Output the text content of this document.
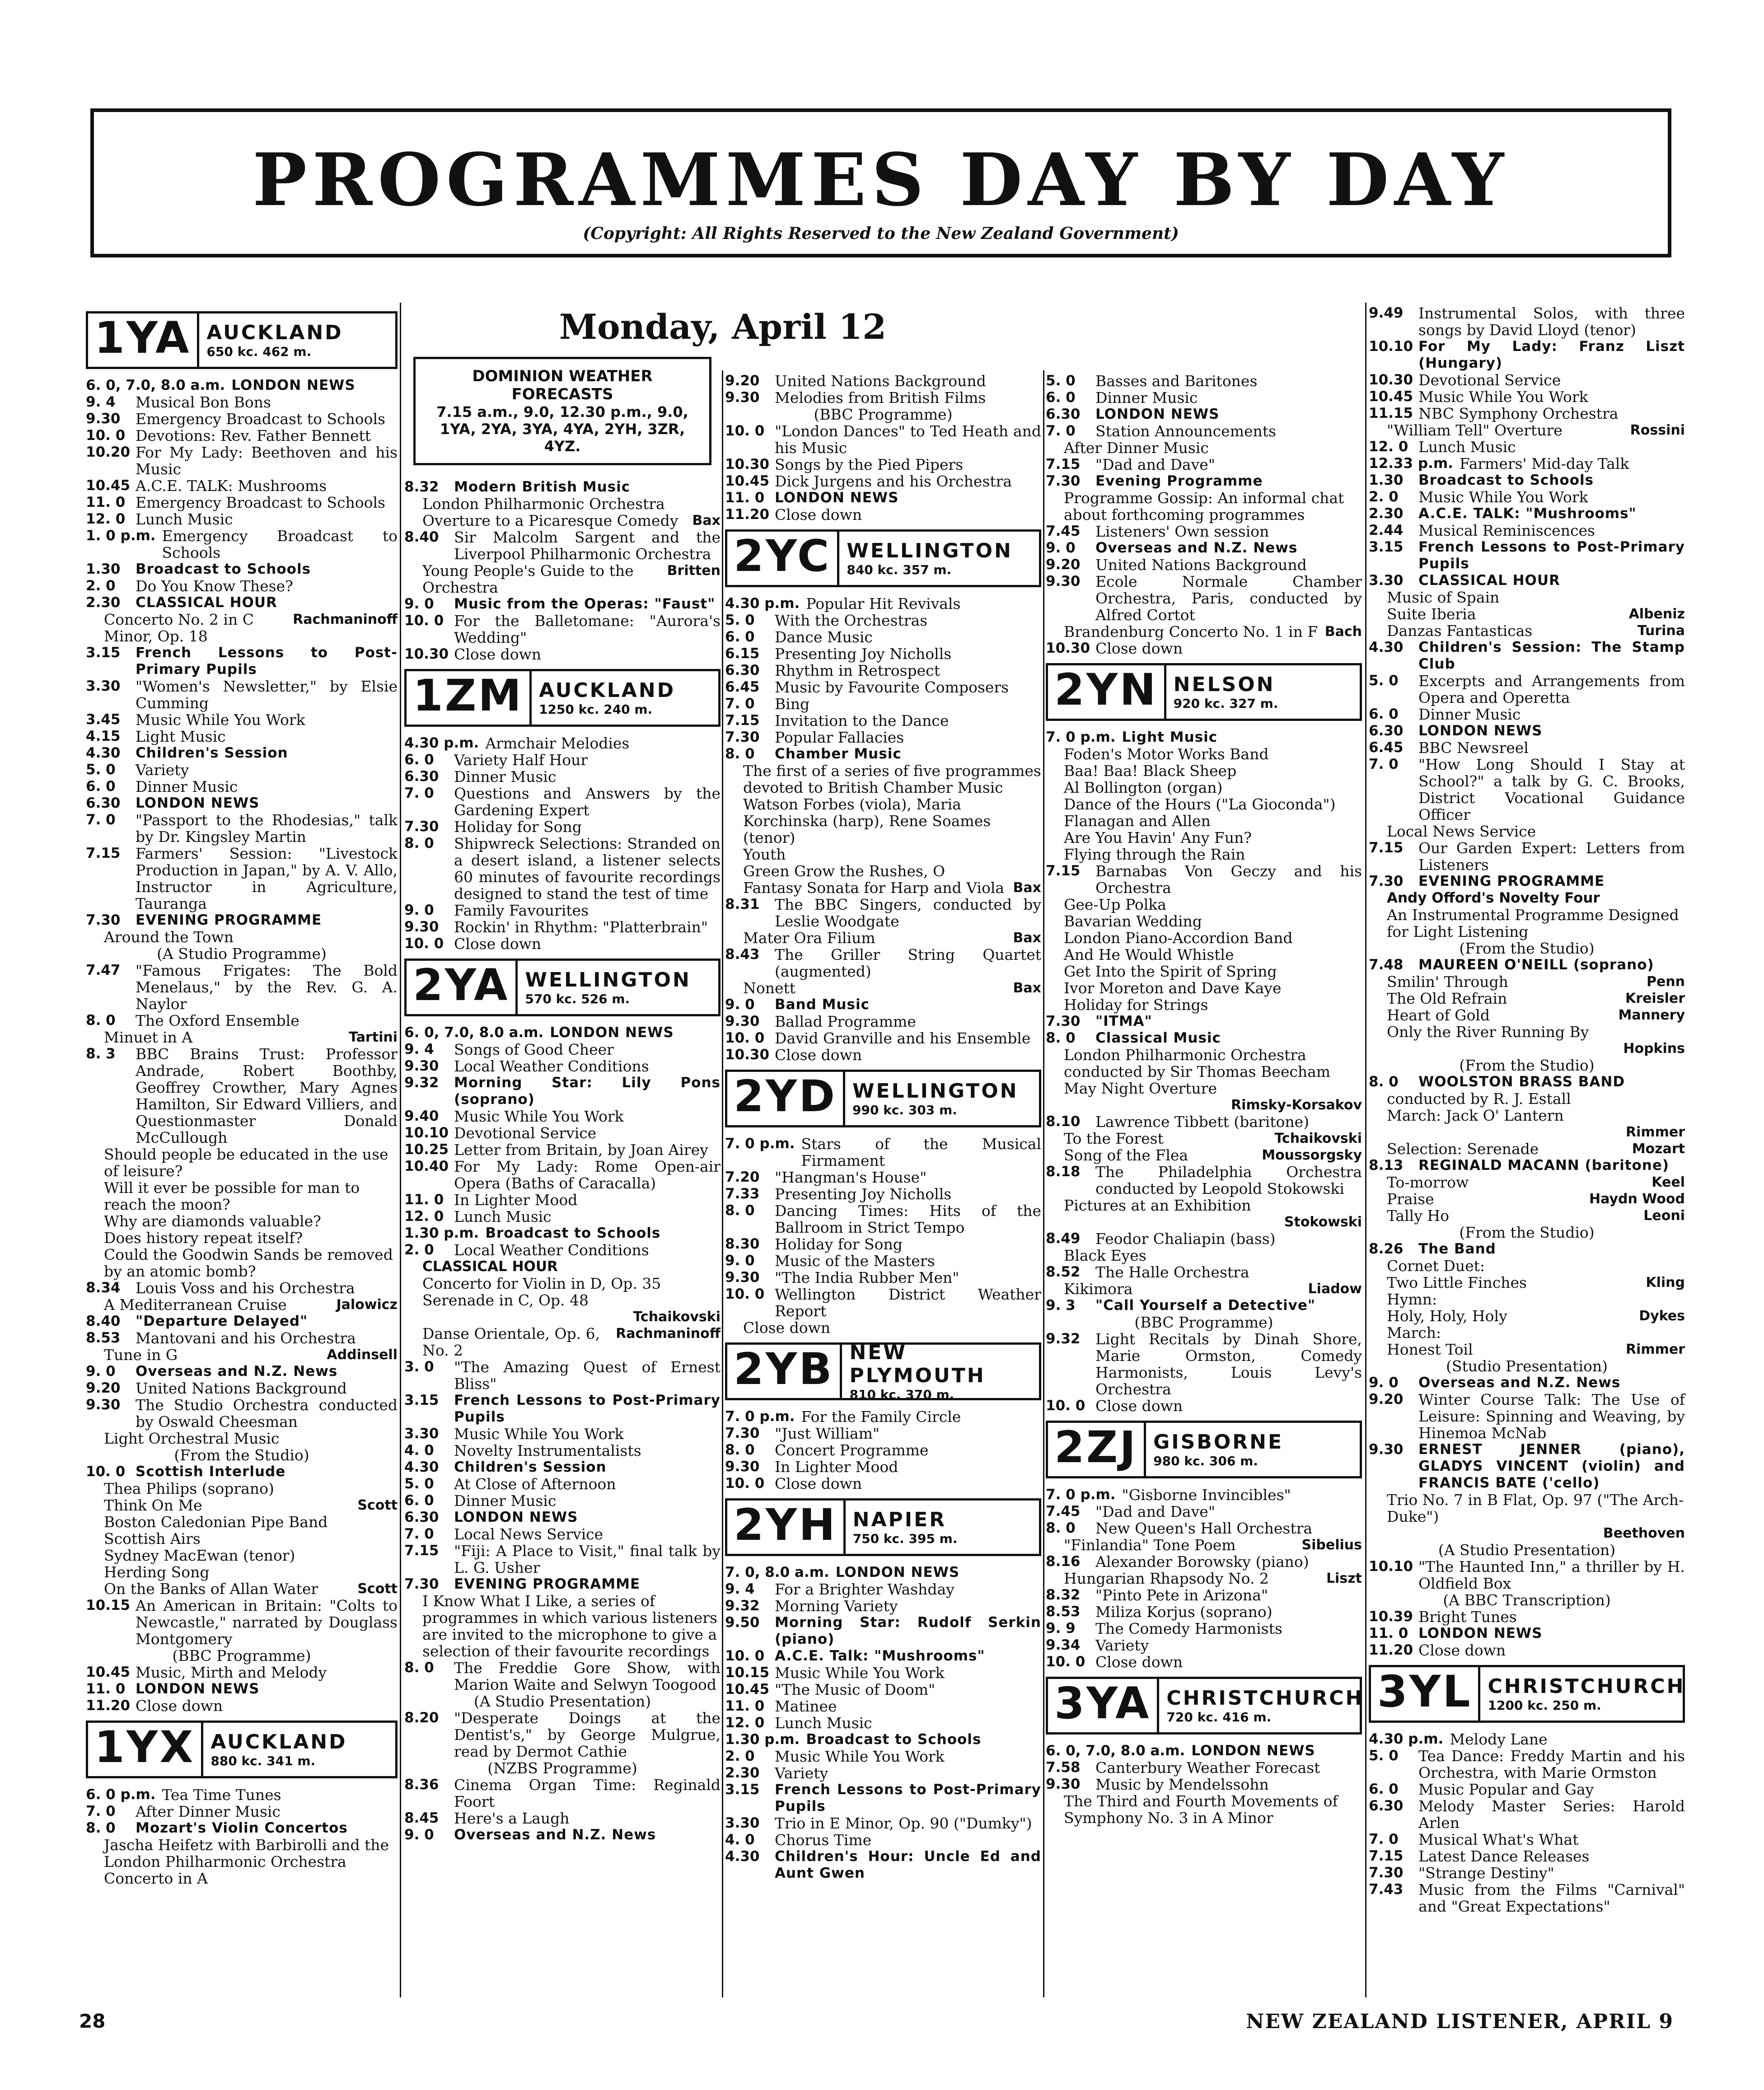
PROGRAMMES DAY BY DAY
(Copyright: All Rights Reserved to the New Zealand Government)
1YA AUCKLAND
650 kc. 462 m.
6. 0, 7.0, 8.0 a.m. LONDON NEWS
9. 4	Musical Bon Bons
9.30	Emergency Broadcast to Schools
10. 0 Devotions: Rev. Father Bennett
10.20 For My Lady: Beethoven and his Music
10.45 A.C.E. TALK: Mushrooms
11. 0 Emergency Broadcast to Schools
12. 0 Lunch Music
1. 0 p.m. Emergency Broadcast to Schools
1.30	Broadcast to Schools
2. 0	Do You Know These?
2.30	CLASSICAL HOUR
Concerto No. 2 in C Minor, Op. 18
Rachmaninoff
3.15	French Lessons to Post-Primary Pupils
3.30	"Women's Newsletter," by Elsie Cumming
3.45	Music While You Work
4.15	Light Music
4.30	Children's Session
5. 0	Variety
6. 0	Dinner Music
6.30	LONDON NEWS
7. 0	"Passport to the Rhodesias," talk by Dr. Kingsley Martin
7.15	Farmers' Session: "Livestock Production in Japan," by A. V. Allo, Instructor in Agriculture, Tauranga
7.30	EVENING PROGRAMME
Around the Town
(A Studio Programme)
7.47	"Famous Frigates: The Bold Menelaus," by the Rev. G. A. Naylor
8. 0	The Oxford Ensemble
Minuet in A	Tartini
8. 3	BBC Brains Trust: Professor Andrade, Robert Boothby, Geoffrey Crowther, Mary Agnes Hamilton, Sir Edward Villiers, and Questionmaster Donald McCullough
Should people be educated in the use of leisure?
Will it ever be possible for man to reach the moon?
Why are diamonds valuable?
Does history repeat itself?
Could the Goodwin Sands be removed by an atomic bomb?
8.34	Louis Voss and his Orchestra
A Mediterranean Cruise	Jalowicz
8.40	"Departure Delayed"
8.53	Mantovani and his Orchestra
Tune in G	Addinsell
9. 0	Overseas and N.Z. News
9.20	United Nations Background
9.30	The Studio Orchestra conducted by Oswald Cheesman
Light Orchestral Music
(From the Studio)
10. 0 Scottish Interlude
Thea Philips (soprano)
Think On Me	Scott
Boston Caledonian Pipe Band
Scottish Airs
Sydney MacEwan (tenor)
Herding Song
On the Banks of Allan Water	Scott
10.15 An American in Britain: "Colts to Newcastle," narrated by Douglass Montgomery
(BBC Programme)
10.45 Music, Mirth and Melody
11. 0 LONDON NEWS
11.20 Close down
1YX AUCKLAND
880 kc. 341 m.
6. 0 p.m. Tea Time Tunes
7. 0	After Dinner Music
8. 0	Mozart's Violin Concertos
Jascha Heifetz with Barbirolli and the London Philharmonic Orchestra
Concerto in A
Monday, April 12
DOMINION WEATHER FORECASTS
7.15 a.m., 9.0, 12.30 p.m., 9.0, 1YA, 2YA, 3YA, 4YA, 2YH, 3ZR, 4YZ.
8.32	Modern British Music
London Philharmonic Orchestra
Overture to a Picaresque Comedy Bax
8.40	Sir Malcolm Sargent and the Liverpool Philharmonic Orchestra
Young People's Guide to the Orchestra
Britten
9. 0	Music from the Operas: "Faust"
10. 0 For the Balletomane: "Aurora's Wedding"
10.30 Close down
1ZM AUCKLAND
1250 kc. 240 m.
4.30 p.m. Armchair Melodies
6. 0	Variety Half Hour
6.30	Dinner Music
7. 0	Questions and Answers by the Gardening Expert
7.30	Holiday for Song
8. 0	Shipwreck Selections: Stranded on a desert island, a listener selects 60 minutes of favourite recordings designed to stand the test of time
9. 0	Family Favourites
9.30	Rockin' in Rhythm: "Platterbrain"
10. 0 Close down
2YA WELLINGTON
570 kc. 526 m.
6. 0, 7.0, 8.0 a.m. LONDON NEWS
9. 4	Songs of Good Cheer
9.30	Local Weather Conditions
9.32	Morning Star: Lily Pons (soprano)
9.40	Music While You Work
10.10 Devotional Service
10.25 Letter from Britain, by Joan Airey
10.40 For My Lady: Rome Open-air Opera (Baths of Caracalla)
11. 0 In Lighter Mood
12. 0 Lunch Music
1.30 p.m. Broadcast to Schools
2. 0	Local Weather Conditions
CLASSICAL HOUR
Concerto for Violin in D, Op. 35
Serenade in C, Op. 48
Tchaikovski
Danse Orientale, Op. 6, No. 2
Rachmaninoff
3. 0	"The Amazing Quest of Ernest Bliss"
3.15	French Lessons to Post-Primary Pupils
3.30	Music While You Work
4. 0	Novelty Instrumentalists
4.30	Children's Session
5. 0	At Close of Afternoon
6. 0	Dinner Music
6.30	LONDON NEWS
7. 0	Local News Service
7.15	"Fiji: A Place to Visit," final talk by L. G. Usher
7.30	EVENING PROGRAMME
I Know What I Like, a series of programmes in which various listeners are invited to the microphone to give a selection of their favourite recordings
8. 0	The Freddie Gore Show, with Marion Waite and Selwyn Toogood
(A Studio Presentation)
8.20	"Desperate Doings at the Dentist's," by George Mulgrue, read by Dermot Cathie
(NZBS Programme)
8.36	Cinema Organ Time: Reginald Foort
8.45	Here's a Laugh
9. 0	Overseas and N.Z. News
9.20	United Nations Background
9.30	Melodies from British Films
(BBC Programme)
10. 0 "London Dances" to Ted Heath and his Music
10.30 Songs by the Pied Pipers
10.45 Dick Jurgens and his Orchestra
11. 0 LONDON NEWS
11.20 Close down
2YC WELLINGTON
840 kc. 357 m.
4.30 p.m. Popular Hit Revivals
5. 0	With the Orchestras
6. 0	Dance Music
6.15	Presenting Joy Nicholls
6.30	Rhythm in Retrospect
6.45	Music by Favourite Composers
7. 0	Bing
7.15	Invitation to the Dance
7.30	Popular Fallacies
8. 0	Chamber Music
The first of a series of five programmes devoted to British Chamber Music
Watson Forbes (viola), Maria Korchinska (harp), Rene Soames (tenor)
Youth
Green Grow the Rushes, O
Fantasy Sonata for Harp and Viola Bax
8.31	The BBC Singers, conducted by Leslie Woodgate
Mater Ora Filium	Bax
8.43	The Griller String Quartet (augmented)
Nonett	Bax
9. 0	Band Music
9.30	Ballad Programme
10. 0 David Granville and his Ensemble
10.30 Close down
2YD WELLINGTON
990 kc. 303 m.
7. 0 p.m. Stars of the Musical Firmament
7.20	"Hangman's House"
7.33	Presenting Joy Nicholls
8. 0	Dancing Times: Hits of the Ballroom in Strict Tempo
8.30	Holiday for Song
9. 0	Music of the Masters
9.30	"The India Rubber Men"
10. 0 Wellington District Weather Report
Close down
2YB NEW PLYMOUTH
810 kc. 370 m.
7. 0 p.m. For the Family Circle
7.30	"Just William"
8. 0	Concert Programme
9.30	In Lighter Mood
10. 0 Close down
2YH NAPIER
750 kc. 395 m.
7. 0, 8.0 a.m. LONDON NEWS
9. 4	For a Brighter Washday
9.32	Morning Variety
9.50	Morning Star: Rudolf Serkin (piano)
10. 0 A.C.E. Talk: "Mushrooms"
10.15 Music While You Work
10.45 "The Music of Doom"
11. 0 Matinee
12. 0 Lunch Music
1.30 p.m. Broadcast to Schools
2. 0	Music While You Work
2.30	Variety
3.15	French Lessons to Post-Primary Pupils
3.30	Trio in E Minor, Op. 90 ("Dumky")
4. 0	Chorus Time
4.30	Children's Hour: Uncle Ed and Aunt Gwen
5. 0	Basses and Baritones
6. 0	Dinner Music
6.30	LONDON NEWS
7. 0	Station Announcements
After Dinner Music
7.15	"Dad and Dave"
7.30	Evening Programme
Programme Gossip: An informal chat about forthcoming programmes
7.45	Listeners' Own session
9. 0	Overseas and N.Z. News
9.20	United Nations Background
9.30	Ecole Normale Chamber Orchestra, Paris, conducted by Alfred Cortot
Brandenburg Concerto No. 1 in F Bach
10.30 Close down
2YN NELSON
920 kc. 327 m.
7. 0 p.m. Light Music
Foden's Motor Works Band
Baa! Baa! Black Sheep
Al Bollington (organ)
Dance of the Hours ("La Gioconda")
Flanagan and Allen
Are You Havin' Any Fun?
Flying through the Rain
7.15	Barnabas Von Geczy and his Orchestra
Gee-Up Polka
Bavarian Wedding
London Piano-Accordion Band
And He Would Whistle
Get Into the Spirit of Spring
Ivor Moreton and Dave Kaye
Holiday for Strings
7.30	"ITMA"
8. 0	Classical Music
London Philharmonic Orchestra conducted by Sir Thomas Beecham
May Night Overture
Rimsky-Korsakov
8.10	Lawrence Tibbett (baritone)
To the Forest	Tchaikovski
Song of the Flea	Moussorgsky
8.18	The Philadelphia Orchestra conducted by Leopold Stokowski
Pictures at an Exhibition
Stokowski
8.49	Feodor Chaliapin (bass)
Black Eyes
8.52	The Halle Orchestra
Kikimora	Liadow
9. 3	"Call Yourself a Detective"
(BBC Programme)
9.32	Light Recitals by Dinah Shore, Marie Ormston, Comedy Harmonists, Louis Levy's Orchestra
10. 0 Close down
2ZJ GISBORNE
980 kc. 306 m.
7. 0 p.m. "Gisborne Invincibles"
7.45	"Dad and Dave"
8. 0	New Queen's Hall Orchestra
"Finlandia" Tone Poem	Sibelius
8.16	Alexander Borowsky (piano)
Hungarian Rhapsody No. 2	Liszt
8.32	"Pinto Pete in Arizona"
8.53	Miliza Korjus (soprano)
9. 9	The Comedy Harmonists
9.34	Variety
10. 0 Close down
3YA CHRISTCHURCH
720 kc. 416 m.
6. 0, 7.0, 8.0 a.m. LONDON NEWS
7.58	Canterbury Weather Forecast
9.30	Music by Mendelssohn
The Third and Fourth Movements of Symphony No. 3 in A Minor
9.49	Instrumental Solos, with three songs by David Lloyd (tenor)
10.10 For My Lady: Franz Liszt (Hungary)
10.30 Devotional Service
10.45 Music While You Work
11.15 NBC Symphony Orchestra
"William Tell" Overture	Rossini
12. 0 Lunch Music
12.33 p.m. Farmers' Mid-day Talk
1.30	Broadcast to Schools
2. 0	Music While You Work
2.30	A.C.E. TALK: "Mushrooms"
2.44	Musical Reminiscences
3.15	French Lessons to Post-Primary Pupils
3.30	CLASSICAL HOUR
Music of Spain
Suite Iberia	Albeniz
Danzas Fantasticas	Turina
4.30	Children's Session: The Stamp Club
5. 0	Excerpts and Arrangements from Opera and Operetta
6. 0	Dinner Music
6.30	LONDON NEWS
6.45	BBC Newsreel
7. 0	"How Long Should I Stay at School?" a talk by G. C. Brooks, District Vocational Guidance Officer
Local News Service
7.15	Our Garden Expert: Letters from Listeners
7.30	EVENING PROGRAMME
Andy Offord's Novelty Four
An Instrumental Programme Designed for Light Listening
(From the Studio)
7.48	MAUREEN O'NEILL (soprano)
Smilin' Through	Penn
The Old Refrain	Kreisler
Heart of Gold	Mannery
Only the River Running By
Hopkins
(From the Studio)
8. 0	WOOLSTON BRASS BAND
conducted by R. J. Estall
March: Jack O' Lantern
Rimmer
Selection: Serenade	Mozart
8.13	REGINALD MACANN (baritone)
To-morrow	Keel
Praise	Haydn Wood
Tally Ho	Leoni
(From the Studio)
8.26	The Band
Cornet Duet:
Two Little Finches	Kling
Hymn:
Holy, Holy, Holy	Dykes
March:
Honest Toil	Rimmer
(Studio Presentation)
9. 0	Overseas and N.Z. News
9.20	Winter Course Talk: The Use of Leisure: Spinning and Weaving, by Hinemoa McNab
9.30	ERNEST JENNER (piano), GLADYS VINCENT (violin) and FRANCIS BATE ('cello)
Trio No. 7 in B Flat, Op. 97 ("The Arch-Duke")
Beethoven
(A Studio Presentation)
10.10 "The Haunted Inn," a thriller by H. Oldfield Box
(A BBC Transcription)
10.39 Bright Tunes
11. 0 LONDON NEWS
11.20 Close down
3YL CHRISTCHURCH
1200 kc. 250 m.
4.30 p.m. Melody Lane
5. 0	Tea Dance: Freddy Martin and his Orchestra, with Marie Ormston
6. 0	Music Popular and Gay
6.30	Melody Master Series: Harold Arlen
7. 0	Musical What's What
7.15	Latest Dance Releases
7.30	"Strange Destiny"
7.43	Music from the Films "Carnival" and "Great Expectations"
28	NEW ZEALAND LISTENER, APRIL 9
